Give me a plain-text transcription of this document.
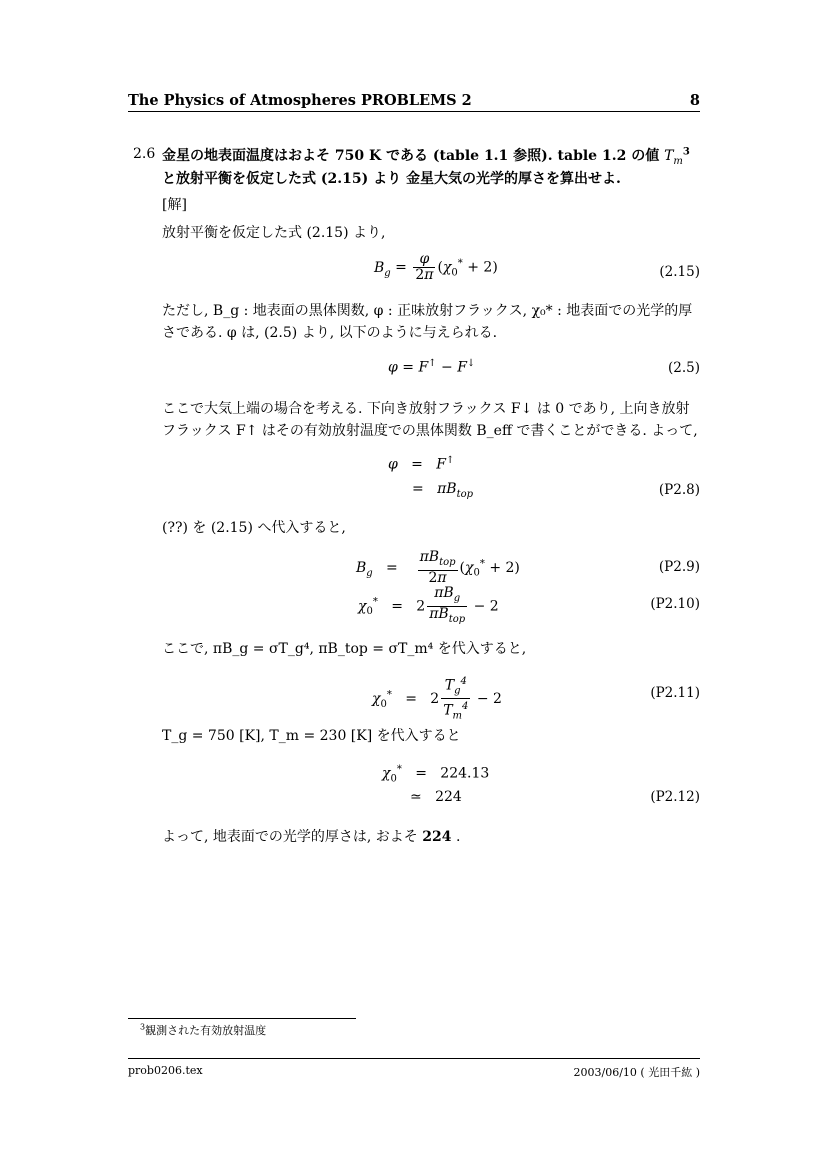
The Physics of Atmospheres PROBLEMS 2	8
2.6 金星の地表面温度はおよそ 750 K である (table 1.1 参照). table 1.2 の値 $T_m^3$
と放射平衡を仮定した式 (2.15) より 金星大気の光学的厚さを算出せよ.
[解]
放射平衡を仮定した式 (2.15) より,
$B_g = \frac{\varphi}{2\pi} (\chi_0^* + 2)$	(2.15)
ただし, B_g : 地表面の黒体関数, φ : 正味放射フラックス, χ₀* : 地表面での光学的厚
さである. φ は, (2.5) より, 以下のように与えられる.
φ = F↑ − F↓	(2.5)
ここで大気上端の場合を考える. 下向き放射フラックス F↓ は 0 であり, 上向き放射
フラックス F↑ はその有効放射温度での黒体関数 B_eff で書くことができる. よって,
φ   =   F↑
=   $\pi B_{top}$	(P2.8)
(??) を (2.15) へ代入すると,
$B_g = \frac{\pi B_{top}}{2\pi} (\chi_0^* + 2)$	(P2.9)
$\chi_0^* = 2 \frac{\pi B_g}{\pi B_{top}} - 2$	(P2.10)
ここで, πB_g = σT_g⁴, πB_top = σT_m⁴ を代入すると,
$\chi_0^* = 2 \frac{T_g^4}{T_m^4} - 2$	(P2.11)
T_g = 750 [K], T_m = 230 [K] を代入すると
$\chi_0^* = 224.13$
≃   224	(P2.12)
よって, 地表面での光学的厚さは, およそ 224 .
$^3$観測された有効放射温度
prob0206.tex	2003/06/10 ( 光田千紘 )
